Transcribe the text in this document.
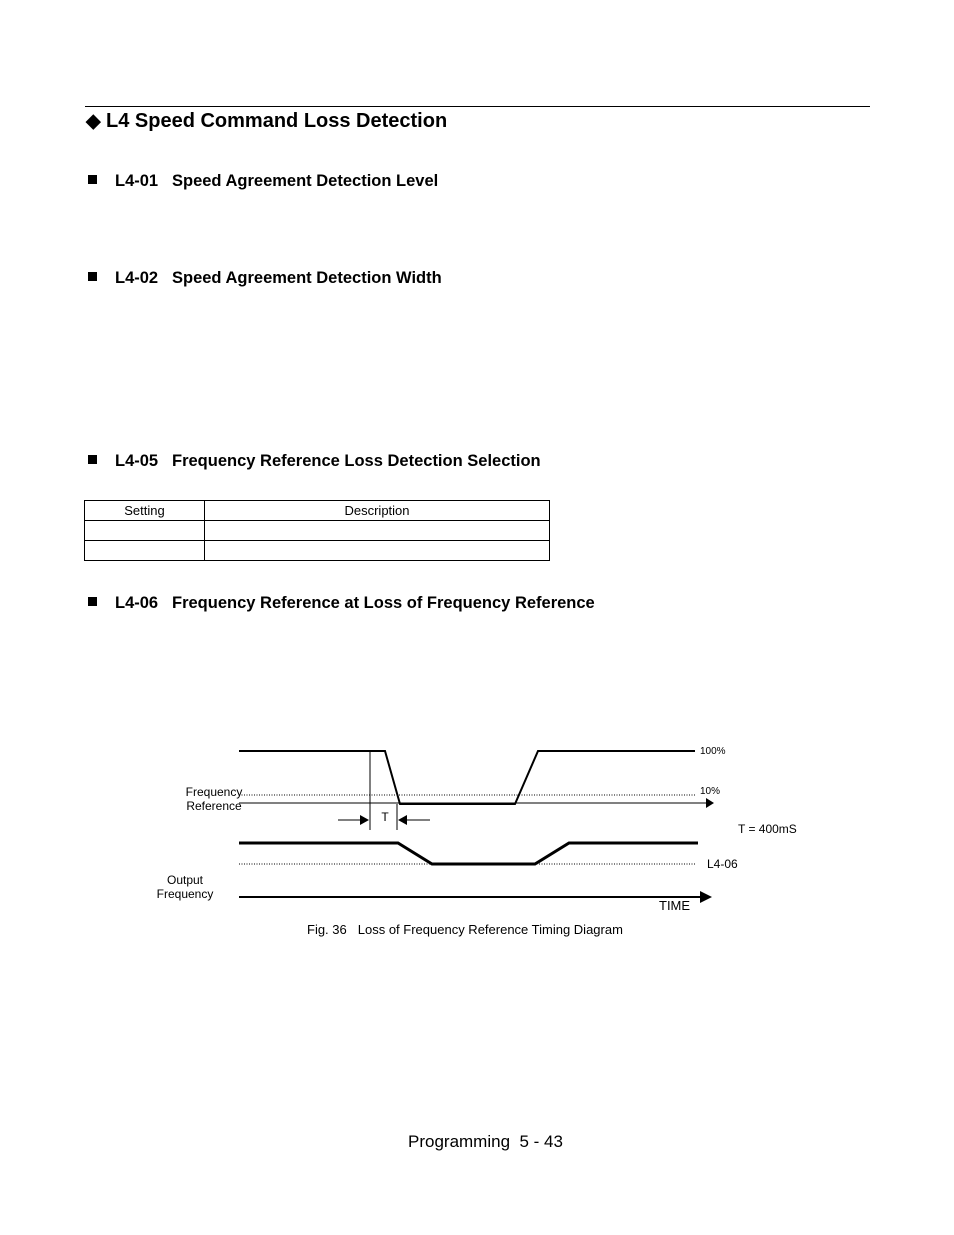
◆ L4 Speed Command Loss Detection
L4-01 Speed Agreement Detection Level
L4-02 Speed Agreement Detection Width
L4-05 Frequency Reference Loss Detection Selection
Setting	Description

L4-06 Frequency Reference at Loss of Frequency Reference
Frequency
Reference
100%
10%
T
T = 400mS
L4-06
Output
Frequency
TIME
Fig. 36 Loss of Frequency Reference Timing Diagram
Programming  5 - 43
